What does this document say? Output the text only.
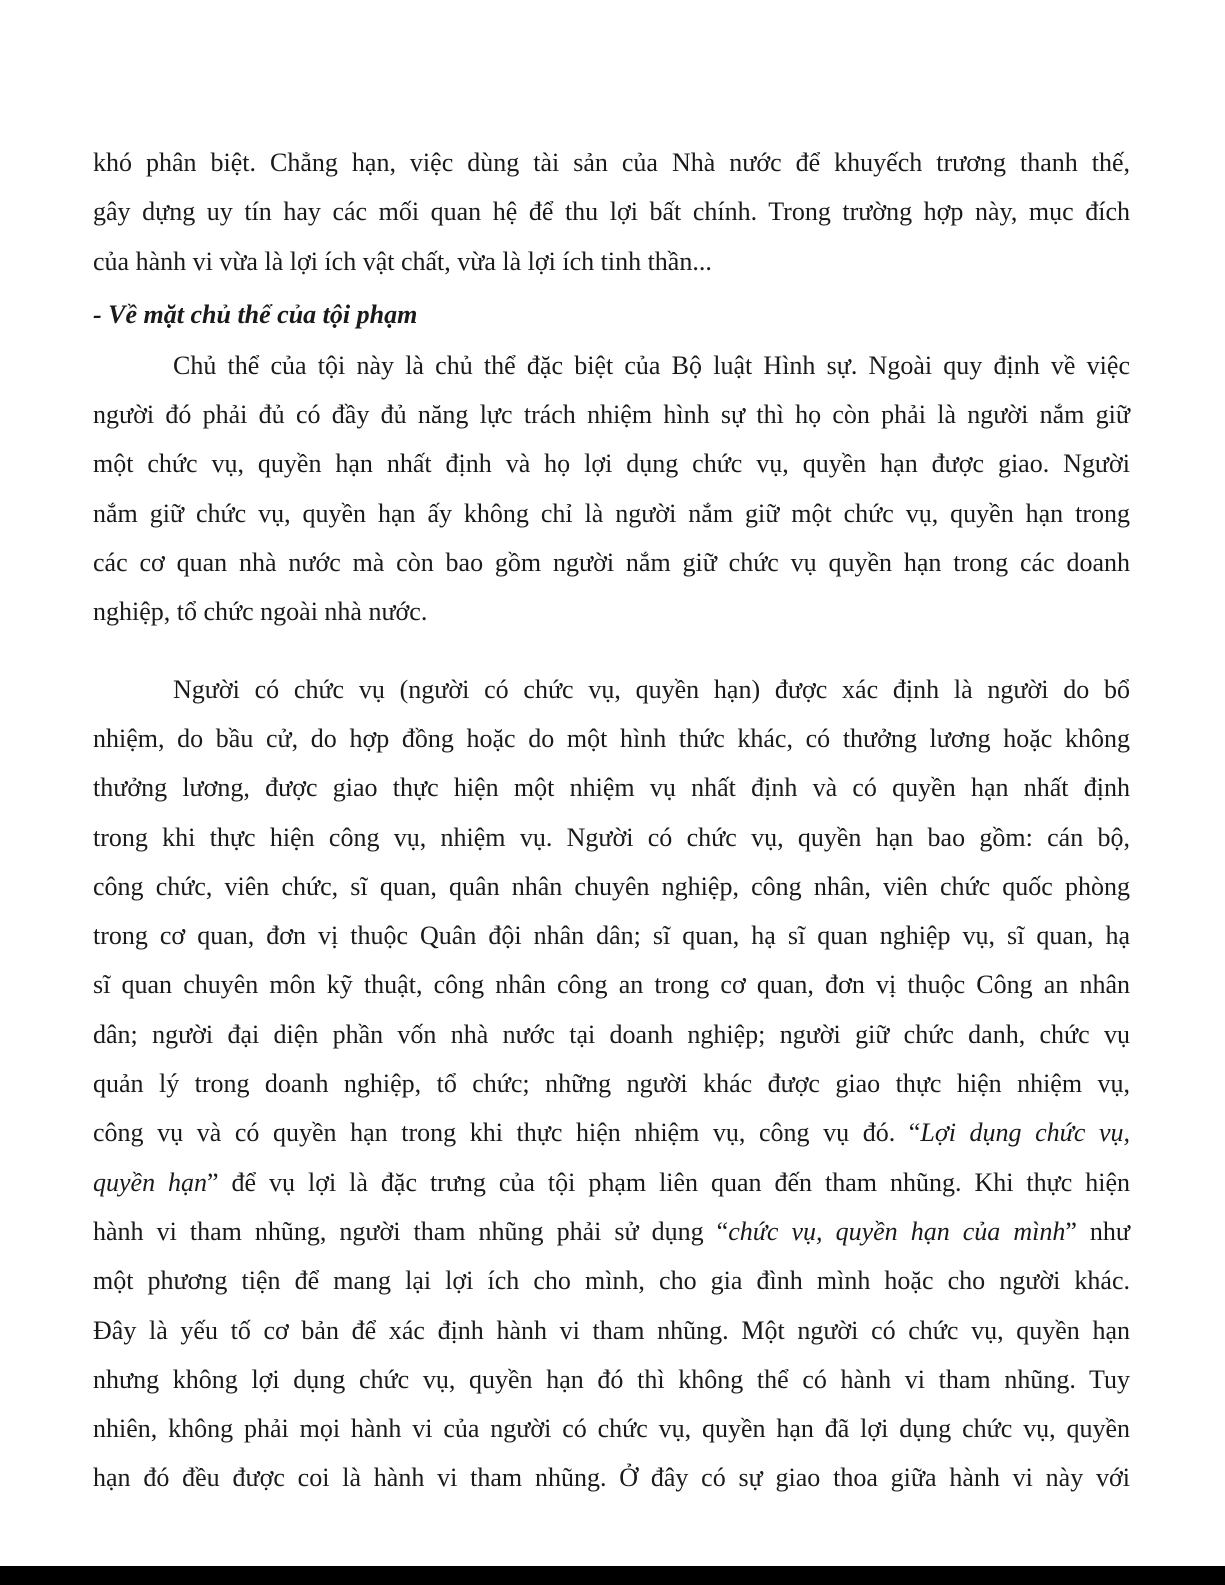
khó phân biệt. Chẳng hạn, việc dùng tài sản của Nhà nước để khuyếch trương thanh thế,
gây dựng uy tín hay các mối quan hệ để thu lợi bất chính. Trong trường hợp này, mục đích
của hành vi vừa là lợi ích vật chất, vừa là lợi ích tinh thần...

- Về mặt chủ thể của tội phạm

Chủ thể của tội này là chủ thể đặc biệt của Bộ luật Hình sự. Ngoài quy định về việc
người đó phải đủ có đầy đủ năng lực trách nhiệm hình sự thì họ còn phải là người nắm giữ
một chức vụ, quyền hạn nhất định và họ lợi dụng chức vụ, quyền hạn được giao. Người
nắm giữ chức vụ, quyền hạn ấy không chỉ là người nắm giữ một chức vụ, quyền hạn trong
các cơ quan nhà nước mà còn bao gồm người nắm giữ chức vụ quyền hạn trong các doanh
nghiệp, tổ chức ngoài nhà nước.

Người có chức vụ (người có chức vụ, quyền hạn) được xác định là người do bổ
nhiệm, do bầu cử, do hợp đồng hoặc do một hình thức khác, có thưởng lương hoặc không
thưởng lương, được giao thực hiện một nhiệm vụ nhất định và có quyền hạn nhất định
trong khi thực hiện công vụ, nhiệm vụ. Người có chức vụ, quyền hạn bao gồm: cán bộ,
công chức, viên chức, sĩ quan, quân nhân chuyên nghiệp, công nhân, viên chức quốc phòng
trong cơ quan, đơn vị thuộc Quân đội nhân dân; sĩ quan, hạ sĩ quan nghiệp vụ, sĩ quan, hạ
sĩ quan chuyên môn kỹ thuật, công nhân công an trong cơ quan, đơn vị thuộc Công an nhân
dân; người đại diện phần vốn nhà nước tại doanh nghiệp; người giữ chức danh, chức vụ
quản lý trong doanh nghiệp, tổ chức; những người khác được giao thực hiện nhiệm vụ,
công vụ và có quyền hạn trong khi thực hiện nhiệm vụ, công vụ đó. “Lợi dụng chức vụ,
quyền hạn” để vụ lợi là đặc trưng của tội phạm liên quan đến tham nhũng. Khi thực hiện
hành vi tham nhũng, người tham nhũng phải sử dụng “chức vụ, quyền hạn của mình” như
một phương tiện để mang lại lợi ích cho mình, cho gia đình mình hoặc cho người khác.
Đây là yếu tố cơ bản để xác định hành vi tham nhũng. Một người có chức vụ, quyền hạn
nhưng không lợi dụng chức vụ, quyền hạn đó thì không thể có hành vi tham nhũng. Tuy
nhiên, không phải mọi hành vi của người có chức vụ, quyền hạn đã lợi dụng chức vụ, quyền
hạn đó đều được coi là hành vi tham nhũng. Ở đây có sự giao thoa giữa hành vi này với
